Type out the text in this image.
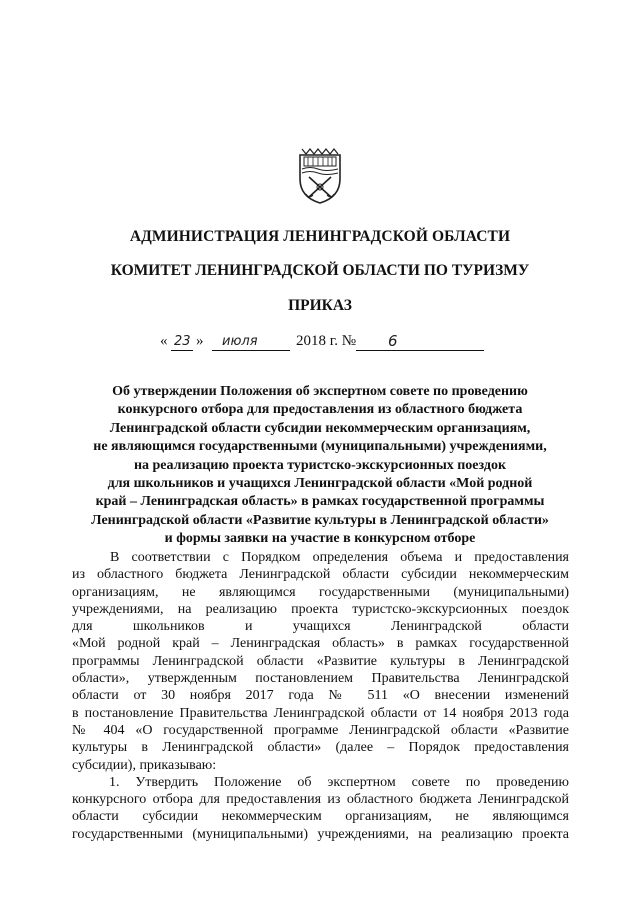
АДМИНИСТРАЦИЯ ЛЕНИНГРАДСКОЙ ОБЛАСТИ
КОМИТЕТ ЛЕНИНГРАДСКОЙ ОБЛАСТИ ПО ТУРИЗМУ
ПРИКАЗ
« 23 » июля	2018 г. № 6
Об утверждении Положения об экспертном совете по проведению
конкурсного отбора для предоставления из областного бюджета
Ленинградской области субсидии некоммерческим организациям,
не являющимся государственными (муниципальными) учреждениями,
на реализацию проекта туристско-экскурсионных поездок
для школьников и учащихся Ленинградской области «Мой родной
край – Ленинградская область» в рамках государственной программы
Ленинградской области «Развитие культуры в Ленинградской области»
и формы заявки на участие в конкурсном отборе
В соответствии с Порядком определения объема и предоставления
из областного бюджета Ленинградской области субсидии некоммерческим
организациям, не являющимся государственными (муниципальными)
учреждениями, на реализацию проекта туристско-экскурсионных поездок
для школьников и учащихся Ленинградской области
«Мой родной край – Ленинградская область» в рамках государственной
программы Ленинградской области «Развитие культуры в Ленинградской
области», утвержденным постановлением Правительства Ленинградской
области от 30 ноября 2017 года № 511 «О внесении изменений
в постановление Правительства Ленинградской области от 14 ноября 2013 года
№ 404 «О государственной программе Ленинградской области «Развитие
культуры в Ленинградской области» (далее – Порядок предоставления
субсидии), приказываю:
1. Утвердить Положение об экспертном совете по проведению
конкурсного отбора для предоставления из областного бюджета Ленинградской
области субсидии некоммерческим организациям, не являющимся
государственными (муниципальными) учреждениями, на реализацию проекта
